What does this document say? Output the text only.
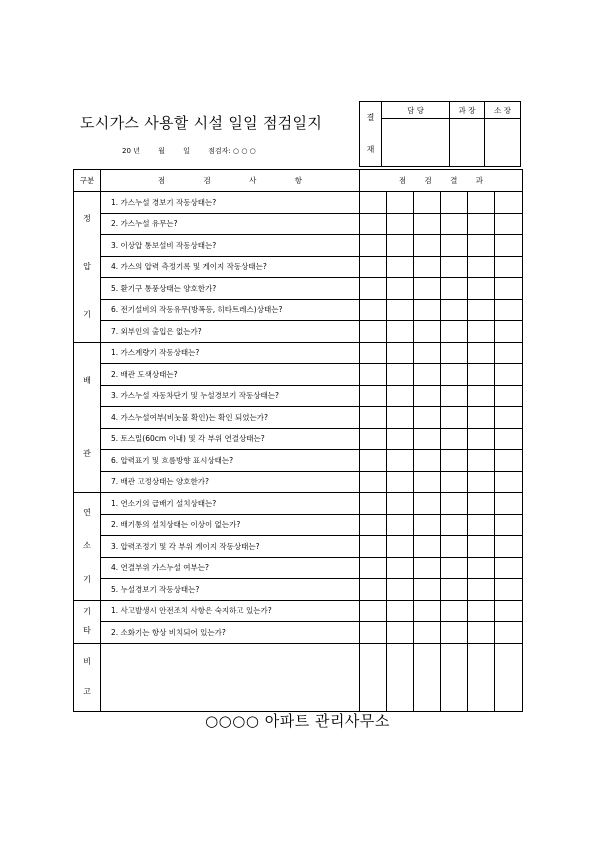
도시가스 사용할 시설 일일 점검일지
20 년	월	일	점검자: ○ ○ ○
결
재	담 당	과 장	소 장

구분	점 검 사 항	점 검 결 과					

정
압
기	1. 가스누설 경보기 작동상태는?						
	2. 가스누설 유무는?						
	3. 이상압 통보설비 작동상태는?						
	4. 가스의 압력 측정기록 및 게이지 작동상태는?						
	5. 환기구 통풍상태는 양호한가?						
	6. 전기설비의 작동유무(방폭등, 히타트레스)상태는?						
	7. 외부인의 출입은 없는가?						

배
관	1. 가스계량기 작동상태는?						
	2. 배관 도색상태는?						
	3. 가스누설 자동차단기 및 누설경보기 작동상태는?						
	4. 가스누설여부(비눗물 확인)는 확인 되었는가?						
	5. 토스밀(60cm 이내) 및 각 부위 연결상태는?						
	6. 압력표기 및 흐름방향 표시상태는?						
	7. 배관 고정상태는 양호한가?						

연
소
기	1. 연소기의 급배기 설치상태는?						
	2. 배기통의 설치상태는 이상이 없는가?						
	3. 압력조정기 및 각 부위 게이지 작동상태는?						
	4. 연결부위 가스누설 여부는?						
	5. 누설경보기 작동상태는?						

기
타	1. 사고발생시 안전조치 사항은 숙지하고 있는가?						
	2. 소화기는 항상 비치되어 있는가?						

비
고							

○○○○ 아파트 관리사무소
